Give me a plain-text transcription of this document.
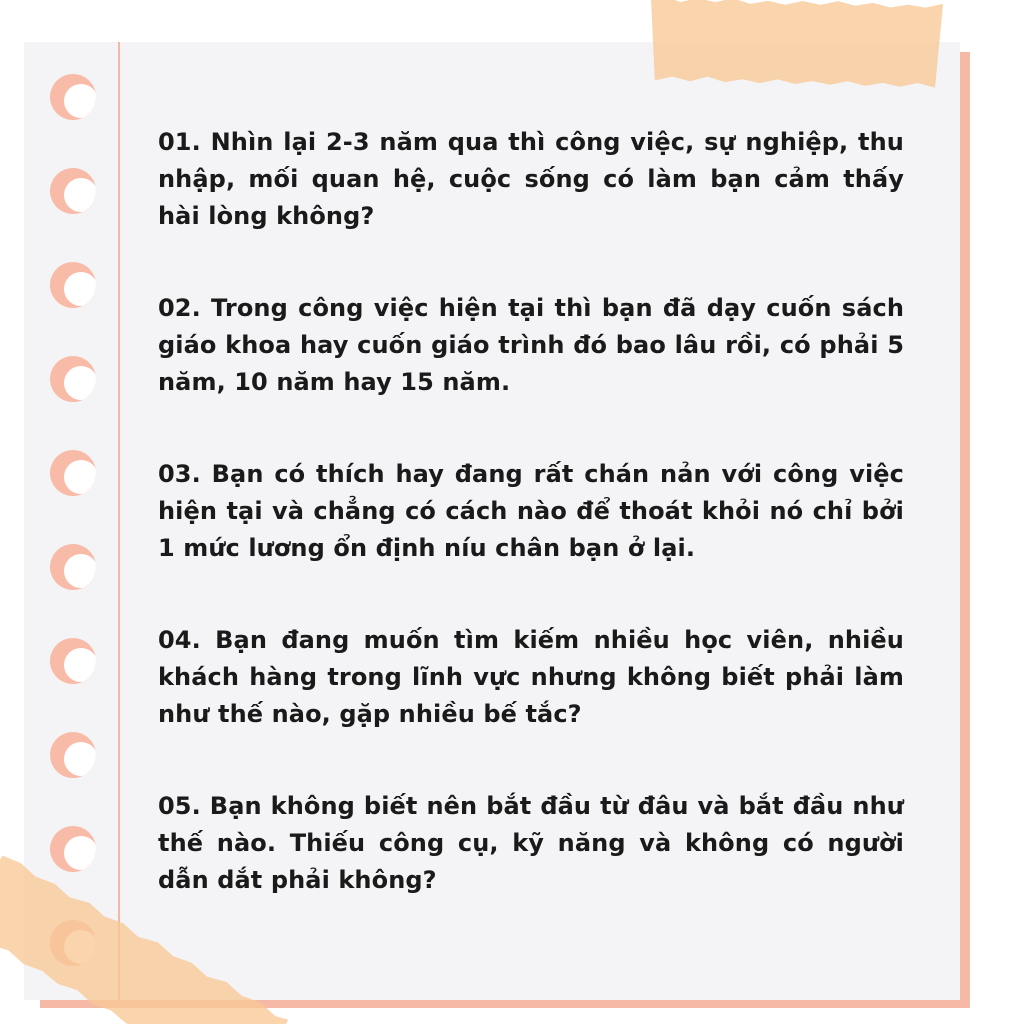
01. Nhìn lại 2-3 năm qua thì công việc, sự nghiệp, thu nhập, mối quan hệ, cuộc sống có làm bạn cảm thấy hài lòng không?

02. Trong công việc hiện tại thì bạn đã dạy cuốn sách giáo khoa hay cuốn giáo trình đó bao lâu rồi, có phải 5 năm, 10 năm hay 15 năm.

03. Bạn có thích hay đang rất chán nản với công việc hiện tại và chẳng có cách nào để thoát khỏi nó chỉ bởi 1 mức lương ổn định níu chân bạn ở lại.

04. Bạn đang muốn tìm kiếm nhiều học viên, nhiều khách hàng trong lĩnh vực nhưng không biết phải làm như thế nào, gặp nhiều bế tắc?

05. Bạn không biết nên bắt đầu từ đâu và bắt đầu như thế nào. Thiếu công cụ, kỹ năng và không có người dẫn dắt phải không?
